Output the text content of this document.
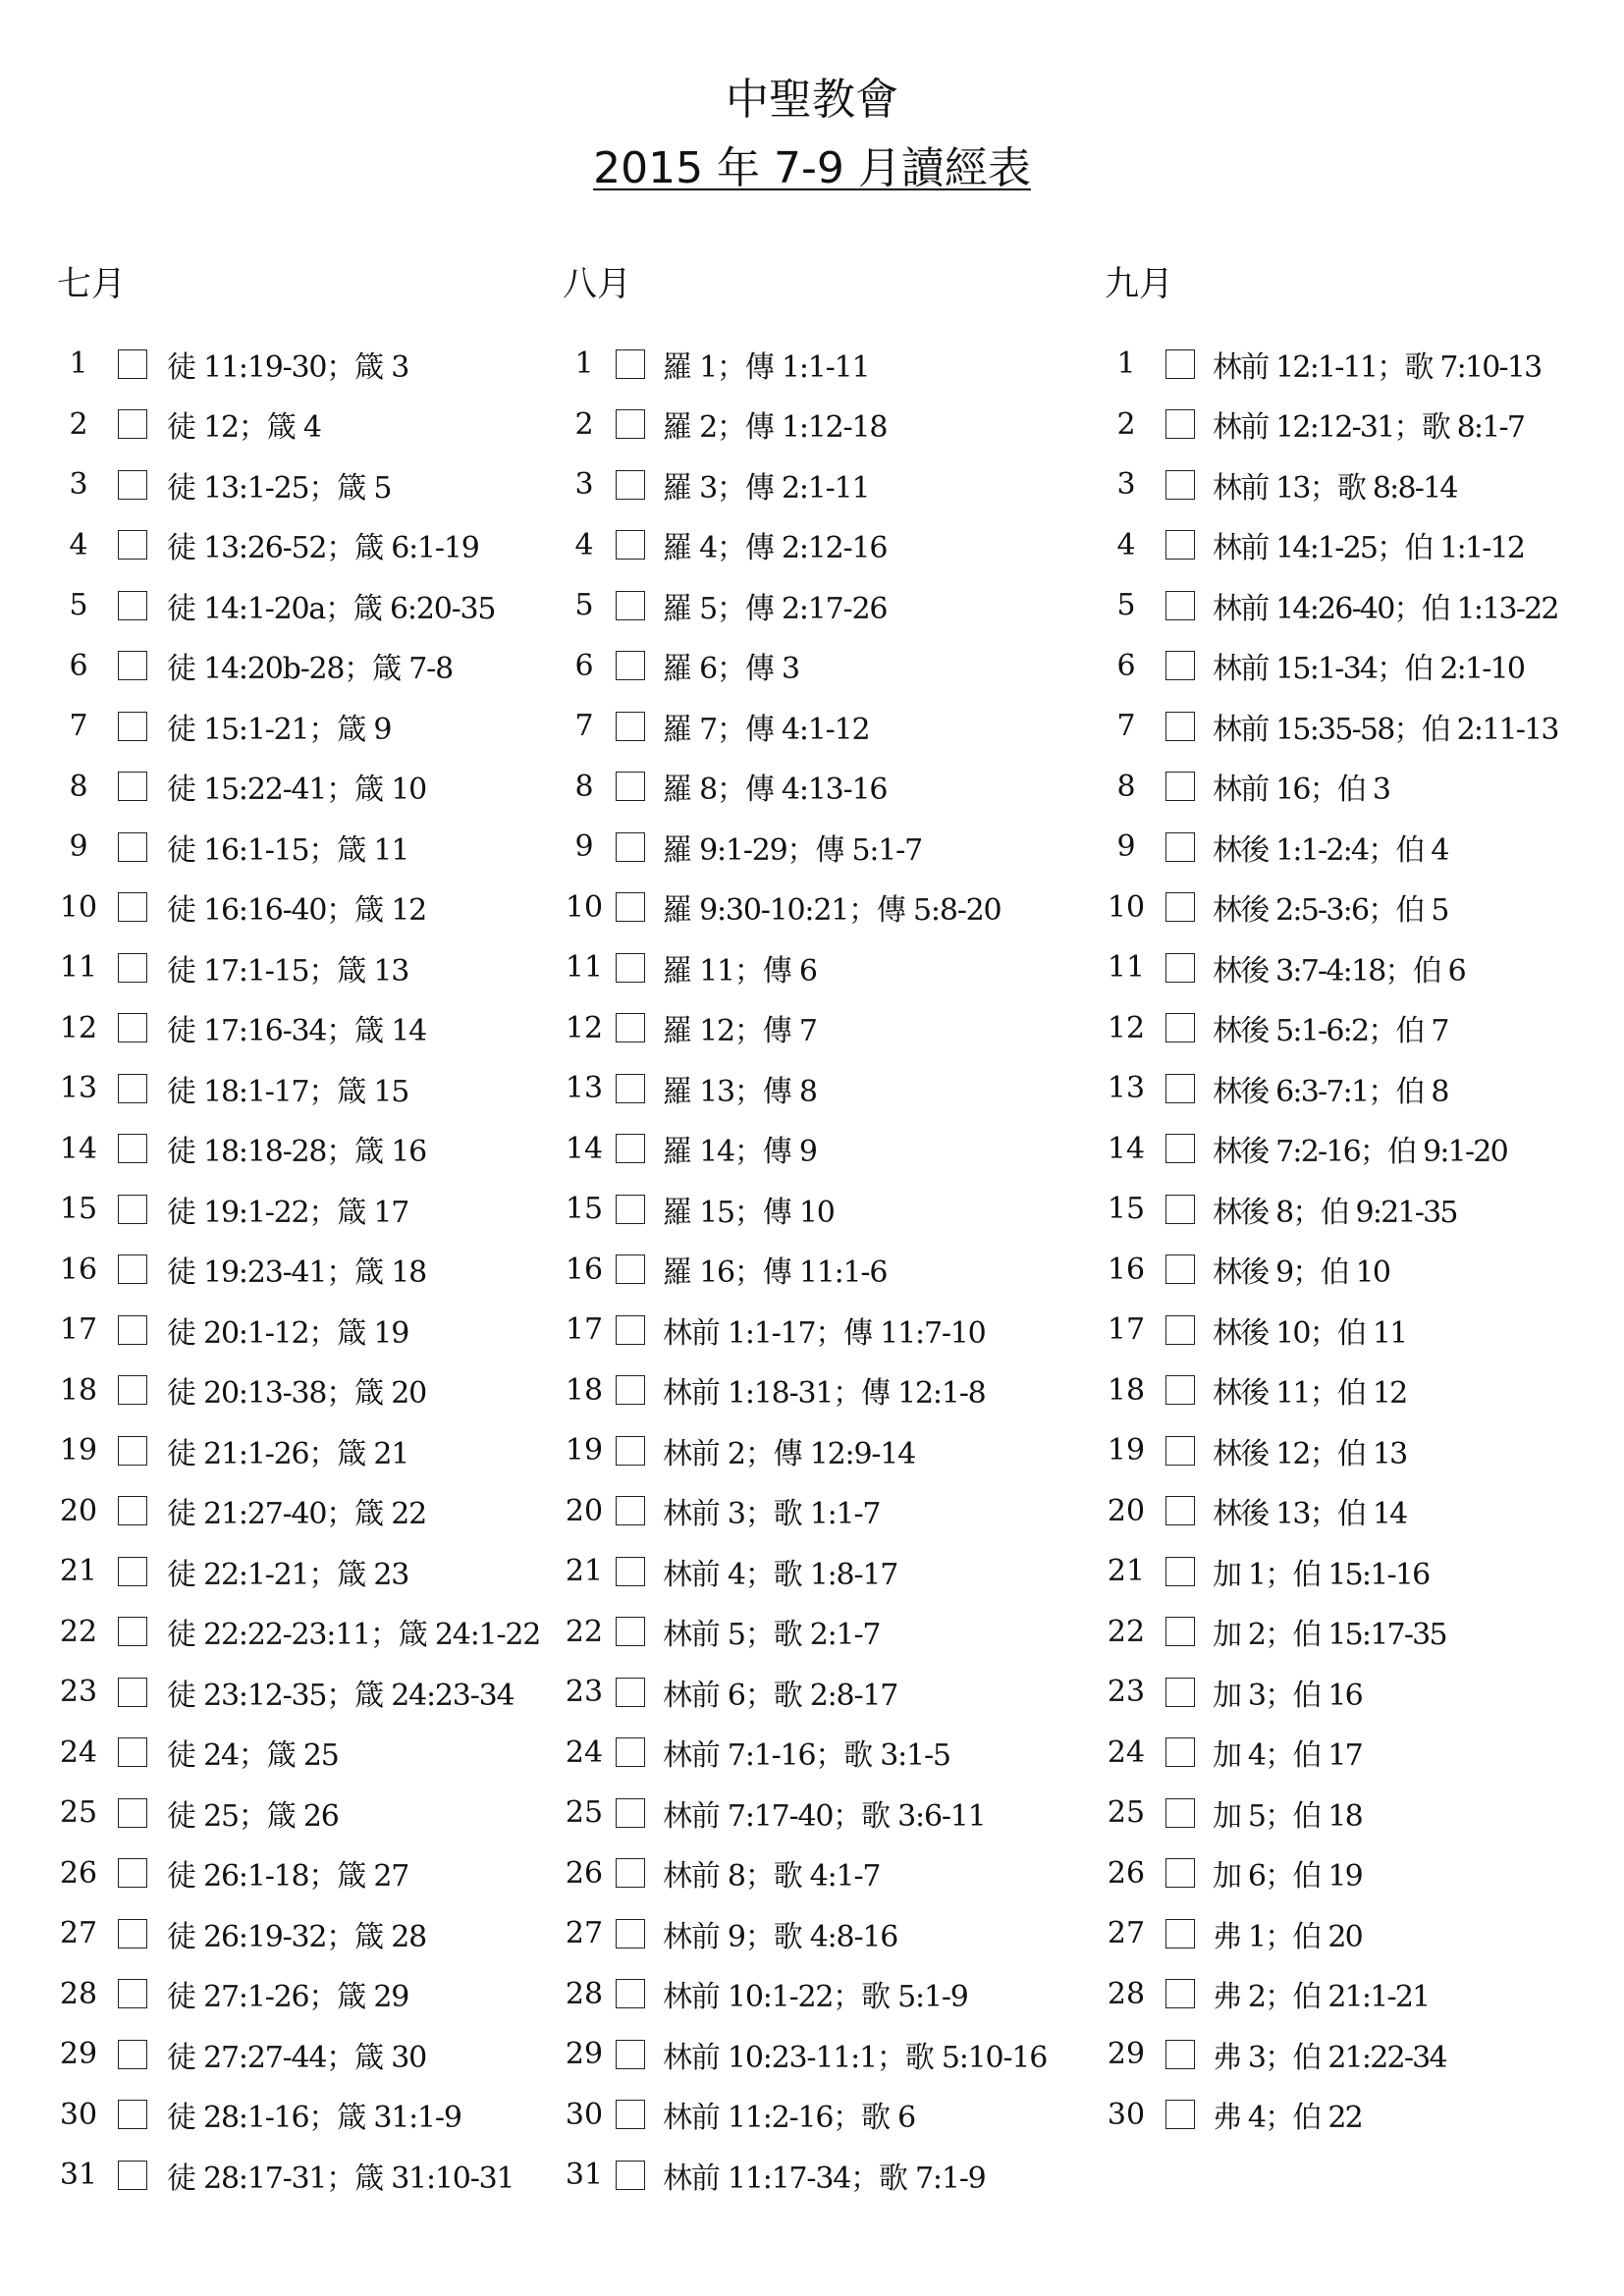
中聖教會
2015 年 7-9 月讀經表
七月
1	徒 11:19-30；箴 3
2	徒 12；箴 4
3	徒 13:1-25；箴 5
4	徒 13:26-52；箴 6:1-19
5	徒 14:1-20a；箴 6:20-35
6	徒 14:20b-28；箴 7-8
7	徒 15:1-21；箴 9
8	徒 15:22-41；箴 10
9	徒 16:1-15；箴 11
10 徒 16:16-40；箴 12
11 徒 17:1-15；箴 13
12 徒 17:16-34；箴 14
13 徒 18:1-17；箴 15
14 徒 18:18-28；箴 16
15 徒 19:1-22；箴 17
16 徒 19:23-41；箴 18
17 徒 20:1-12；箴 19
18 徒 20:13-38；箴 20
19 徒 21:1-26；箴 21
20 徒 21:27-40；箴 22
21 徒 22:1-21；箴 23
22 徒 22:22-23:11；箴 24:1-22
23 徒 23:12-35；箴 24:23-34
24 徒 24；箴 25
25 徒 25；箴 26
26 徒 26:1-18；箴 27
27 徒 26:19-32；箴 28
28 徒 27:1-26；箴 29
29 徒 27:27-44；箴 30
30 徒 28:1-16；箴 31:1-9
31 徒 28:17-31；箴 31:10-31
八月
1	羅 1；傳 1:1-11
2	羅 2；傳 1:12-18
3	羅 3；傳 2:1-11
4	羅 4；傳 2:12-16
5	羅 5；傳 2:17-26
6	羅 6；傳 3
7	羅 7；傳 4:1-12
8	羅 8；傳 4:13-16
9	羅 9:1-29；傳 5:1-7
10 羅 9:30-10:21；傳 5:8-20
11 羅 11；傳 6
12 羅 12；傳 7
13 羅 13；傳 8
14 羅 14；傳 9
15 羅 15；傳 10
16 羅 16；傳 11:1-6
17 林前 1:1-17；傳 11:7-10
18 林前 1:18-31；傳 12:1-8
19 林前 2；傳 12:9-14
20 林前 3；歌 1:1-7
21 林前 4；歌 1:8-17
22 林前 5；歌 2:1-7
23 林前 6；歌 2:8-17
24 林前 7:1-16；歌 3:1-5
25 林前 7:17-40；歌 3:6-11
26 林前 8；歌 4:1-7
27 林前 9；歌 4:8-16
28 林前 10:1-22；歌 5:1-9
29 林前 10:23-11:1；歌 5:10-16
30 林前 11:2-16；歌 6
31 林前 11:17-34；歌 7:1-9
九月
1	林前 12:1-11；歌 7:10-13
2	林前 12:12-31；歌 8:1-7
3	林前 13；歌 8:8-14
4	林前 14:1-25；伯 1:1-12
5	林前 14:26-40；伯 1:13-22
6	林前 15:1-34；伯 2:1-10
7	林前 15:35-58；伯 2:11-13
8	林前 16；伯 3
9	林後 1:1-2:4；伯 4
10 林後 2:5-3:6；伯 5
11 林後 3:7-4:18；伯 6
12 林後 5:1-6:2；伯 7
13 林後 6:3-7:1；伯 8
14 林後 7:2-16；伯 9:1-20
15 林後 8；伯 9:21-35
16 林後 9；伯 10
17 林後 10；伯 11
18 林後 11；伯 12
19 林後 12；伯 13
20 林後 13；伯 14
21 加 1；伯 15:1-16
22 加 2；伯 15:17-35
23 加 3；伯 16
24 加 4；伯 17
25 加 5；伯 18
26 加 6；伯 19
27 弗 1；伯 20
28 弗 2；伯 21:1-21
29 弗 3；伯 21:22-34
30 弗 4；伯 22
